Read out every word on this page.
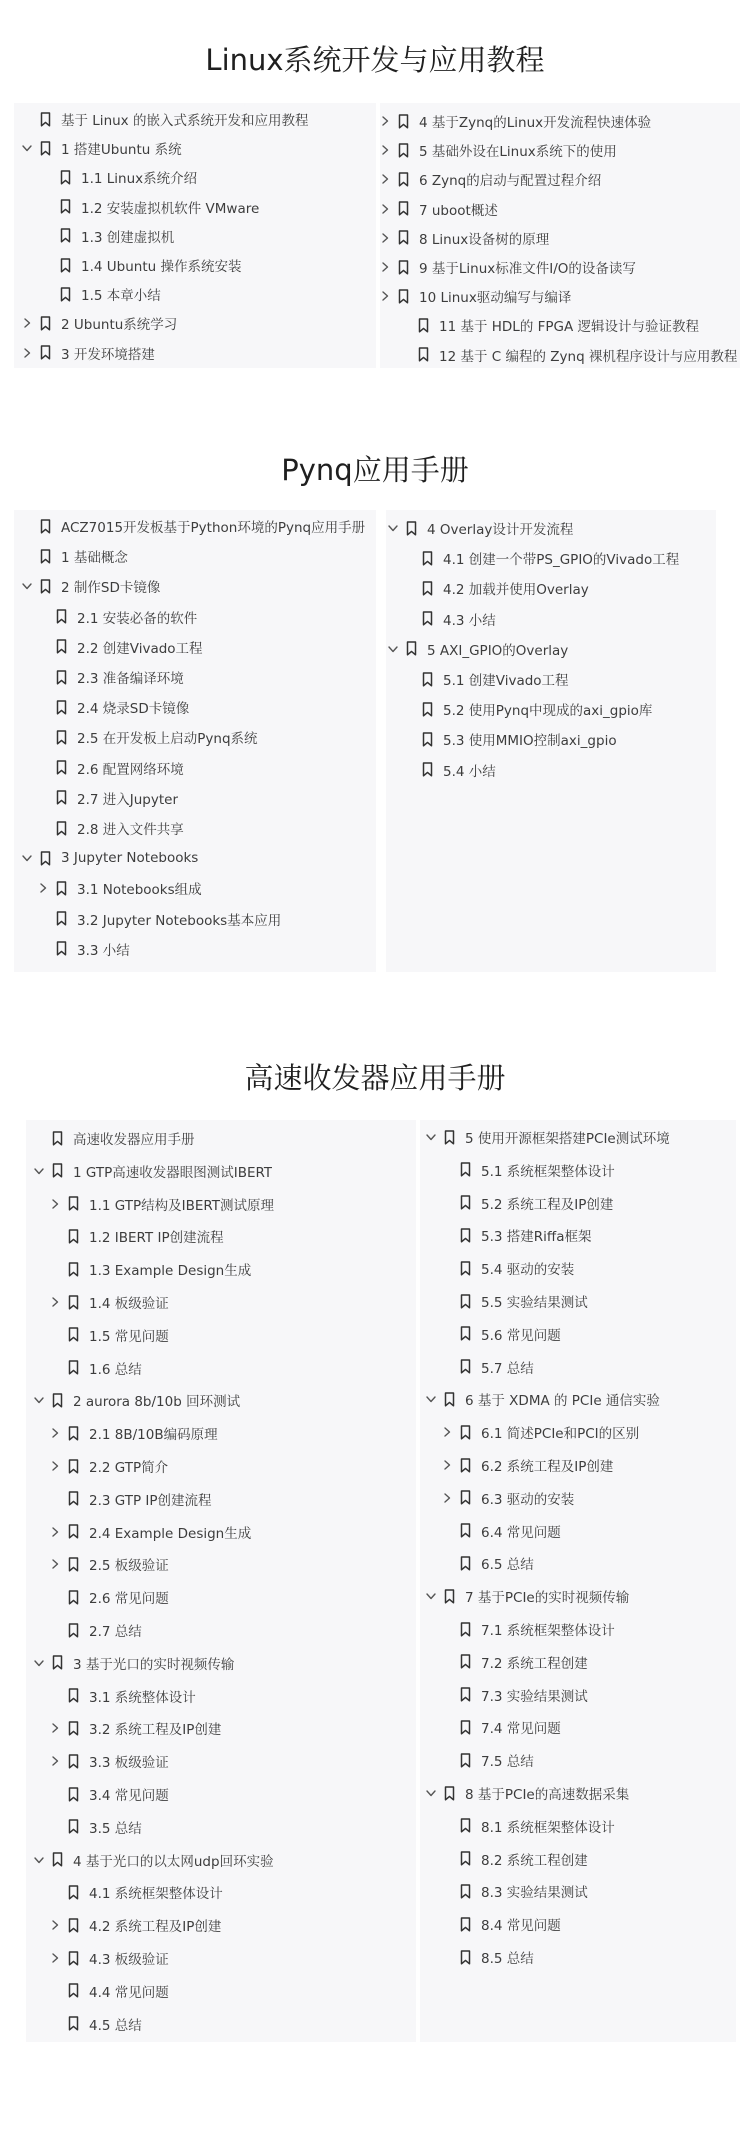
Linux系统开发与应用教程
Pynq应用手册
高速收发器应用手册
基于 Linux 的嵌入式系统开发和应用教程
1 搭建Ubuntu 系统
1.1 Linux系统介绍
1.2 安装虚拟机软件 VMware
1.3 创建虚拟机
1.4 Ubuntu 操作系统安装
1.5 本章小结
2 Ubuntu系统学习
3 开发环境搭建
4 基于Zynq的Linux开发流程快速体验
5 基础外设在Linux系统下的使用
6 Zynq的启动与配置过程介绍
7 uboot概述
8 Linux设备树的原理
9 基于Linux标准文件I/O的设备读写
10 Linux驱动编写与编译
11 基于 HDL的 FPGA 逻辑设计与验证教程
12 基于 C 编程的 Zynq 裸机程序设计与应用教程
ACZ7015开发板基于Python环境的Pynq应用手册
1 基础概念
2 制作SD卡镜像
2.1 安装必备的软件
2.2 创建Vivado工程
2.3 准备编译环境
2.4 烧录SD卡镜像
2.5 在开发板上启动Pynq系统
2.6 配置网络环境
2.7 进入Jupyter
2.8 进入文件共享
3 Jupyter Notebooks
3.1 Notebooks组成
3.2 Jupyter Notebooks基本应用
3.3 小结
4 Overlay设计开发流程
4.1 创建一个带PS_GPIO的Vivado工程
4.2 加载并使用Overlay
4.3 小结
5 AXI_GPIO的Overlay
5.1 创建Vivado工程
5.2 使用Pynq中现成的axi_gpio库
5.3 使用MMIO控制axi_gpio
5.4 小结
高速收发器应用手册
1 GTP高速收发器眼图测试IBERT
1.1 GTP结构及IBERT测试原理
1.2 IBERT IP创建流程
1.3 Example Design生成
1.4 板级验证
1.5 常见问题
1.6 总结
2 aurora 8b/10b 回环测试
2.1 8B/10B编码原理
2.2 GTP简介
2.3 GTP IP创建流程
2.4 Example Design生成
2.5 板级验证
2.6 常见问题
2.7 总结
3 基于光口的实时视频传输
3.1 系统整体设计
3.2 系统工程及IP创建
3.3 板级验证
3.4 常见问题
3.5 总结
4 基于光口的以太网udp回环实验
4.1 系统框架整体设计
4.2 系统工程及IP创建
4.3 板级验证
4.4 常见问题
4.5 总结
5 使用开源框架搭建PCIe测试环境
5.1 系统框架整体设计
5.2 系统工程及IP创建
5.3 搭建Riffa框架
5.4 驱动的安装
5.5 实验结果测试
5.6 常见问题
5.7 总结
6 基于 XDMA 的 PCIe 通信实验
6.1 简述PCIe和PCI的区别
6.2 系统工程及IP创建
6.3 驱动的安装
6.4 常见问题
6.5 总结
7 基于PCIe的实时视频传输
7.1 系统框架整体设计
7.2 系统工程创建
7.3 实验结果测试
7.4 常见问题
7.5 总结
8 基于PCIe的高速数据采集
8.1 系统框架整体设计
8.2 系统工程创建
8.3 实验结果测试
8.4 常见问题
8.5 总结
